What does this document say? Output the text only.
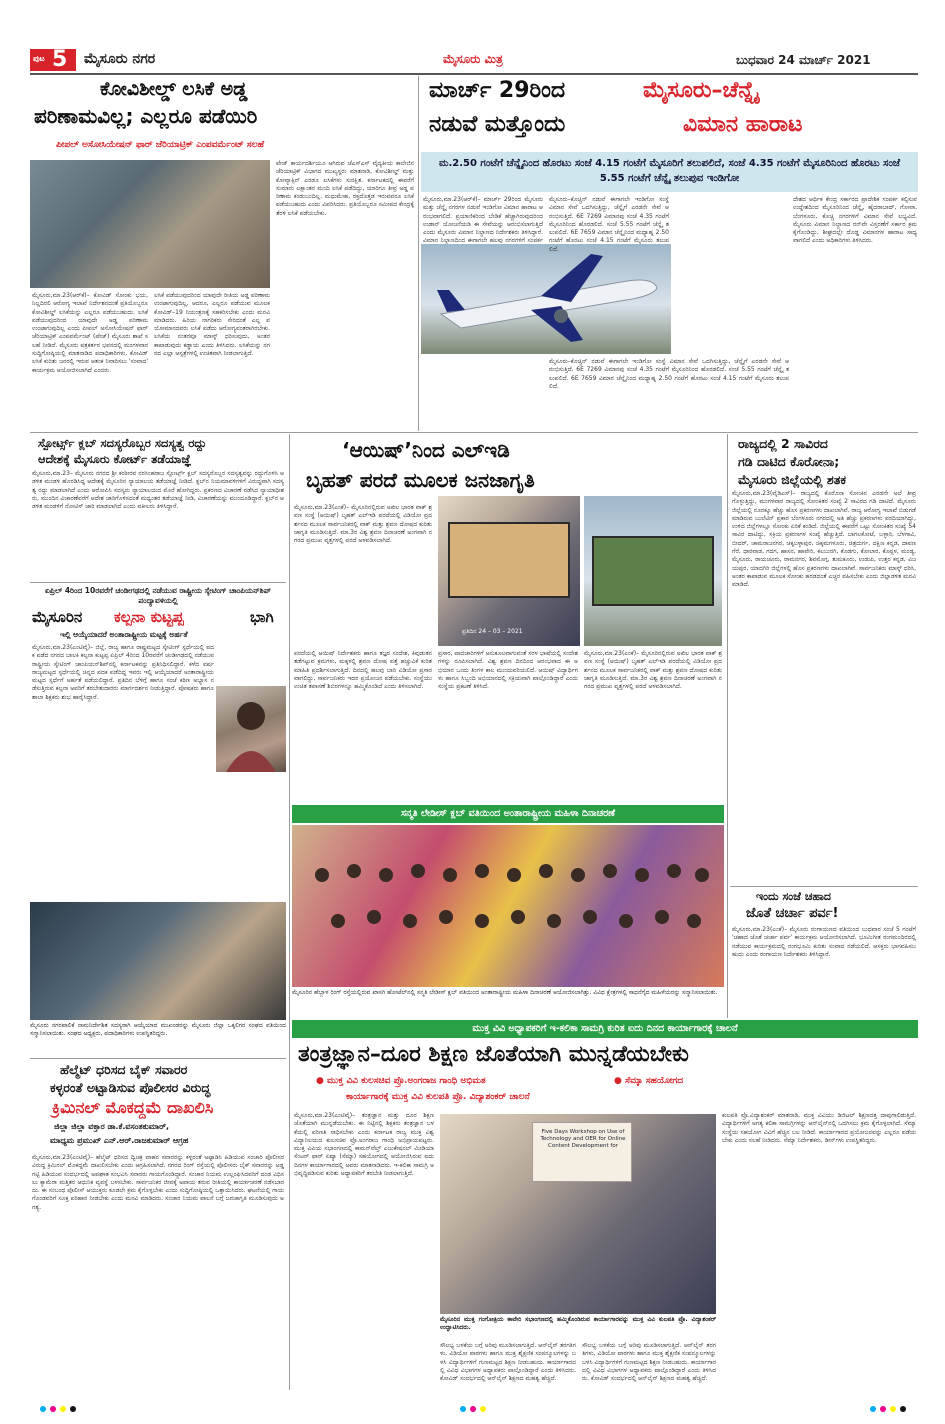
ಪುಟ 5 ಮೈಸೂರು ನಗರ	ಮೈಸೂರು ಮಿತ್ರ	ಬುಧವಾರ 24 ಮಾರ್ಚ್ 2021
ಕೋವಿಶೀಲ್ಡ್ ಲಸಿಕೆ ಅಡ್ಡ
ಪರಿಣಾಮವಿಲ್ಲ; ಎಲ್ಲರೂ ಪಡೆಯಿರಿ
ಪೀಪಲ್ ಅಸೋಸಿಯೇಷನ್ ಫಾರ್ ಜೆರಿಯಾಟ್ರಿಕ್ ಎಂಪವರ್ಮೆಂಟ್ ಸಲಹೆ
ಮೈಸೂರು,ಮಾ.23(ಆರ್‌ಕೆ)– ಕೋವಿಡ್ ಸೋಂಕು ಭಯ, ನಿಲ್ಲದಿರಲಿ ಆರೋಗ್ಯ ಇಲಾಖೆ ನಿರ್ದೇಶನದಂತೆ ಪ್ರತಿಯೊಬ್ಬರೂ ಕೋವಿಶೀಲ್ಡ್ ಲಸಿಕೆಯನ್ನು ಎಲ್ಲರೂ ಪಡೆಯಬಹುದು. ಲಸಿಕೆ ಪಡೆಯುವುದರಿಂದ ಯಾವುದೇ ಅಡ್ಡ ಪರಿಣಾಮ ಉಂಟಾಗುವುದಿಲ್ಲ ಎಂದು ಪೀಪಲ್ ಅಸೋಸಿಯೇಷನ್ ಫಾರ್ ಜೆರಿಯಾಟ್ರಿಕ್ ಎಂಪವರ್ಮೆಂಟ್ (ಪೇಜ್) ಮೈಸೂರು ಶಾಖೆ ಸಲಹೆ ನೀಡಿದೆ. ಮೈಸೂರು ಪತ್ರಕರ್ತರ ಭವನದಲ್ಲಿ ಮಂಗಳವಾರ ಸುದ್ದಿಗೋಷ್ಠಿಯಲ್ಲಿ ಮಾತನಾಡಿದ ಪದಾಧಿಕಾರಿಗಳು, ಕೋವಿಡ್ ಲಸಿಕೆ ಕುರಿತು ಜನರಲ್ಲಿ ಇರುವ ಆತಂಕ ನಿವಾರಿಸಲು 'ಸಂವಾದ' ಕಾರ್ಯಕ್ರಮ ಆಯೋಜಿಸಲಾಗಿದೆ ಎಂದರು.
ಲಸಿಕೆ ಪಡೆಯುವುದರಿಂದ ಯಾವುದೇ ರೀತಿಯ ಅಡ್ಡ ಪರಿಣಾಮ ಉಂಟಾಗುವುದಿಲ್ಲ. ಆದರೂ, ಎಲ್ಲರೂ ಪಡೆಯುವ ಮೂಲಕ ಕೋವಿಡ್–19 ನಿಯಂತ್ರಣಕ್ಕೆ ಸಹಕರಿಸಬೇಕು ಎಂದು ಮನವಿ ಮಾಡಿದರು. ಹಿರಿಯ ನಾಗರಿಕರು ಸೇರಿದಂತೆ ಎಲ್ಲ ವಯೋಮಾನದವರು ಲಸಿಕೆ ಪಡೆದು ಆರೋಗ್ಯವಂತರಾಗಿರಬೇಕು. ಲಸಿಕೆಯ ನಂತರವೂ ಮಾಸ್ಕ್ ಧರಿಸುವುದು, ಅಂತರ ಕಾಪಾಡುವುದು ಕಡ್ಡಾಯ ಎಂದು ತಿಳಿಸಿದರು. ಲಸಿಕೆಯನ್ನು ನಗರದ ಎಲ್ಲಾ ಆಸ್ಪತ್ರೆಗಳಲ್ಲಿ ಉಚಿತವಾಗಿ ನೀಡಲಾಗುತ್ತಿದೆ.
ಪೇಜ್ ಕಾರ್ಯದರ್ಶಿಯೂ ಆಗಿರುವ ಜೆಎಸ್‌ಎಸ್ ವೈದ್ಯಕೀಯ ಕಾಲೇಜಿನ ಜೆರಿಯಾಟ್ರಿಕ್ ವಿಭಾಗದ ಮುಖ್ಯಸ್ಥರು ಮಾತನಾಡಿ, ಕೋವಿಶೀಲ್ಡ್ ಮತ್ತು ಕೋವ್ಯಾಕ್ಸಿನ್ ಎರಡೂ ಲಸಿಕೆಗಳು ಸುರಕ್ಷಿತ. ಕರ್ನಾಟಕದಲ್ಲಿ ಈವರೆಗೆ ಸುಮಾರು ಲಕ್ಷಾಂತರ ಮಂದಿ ಲಸಿಕೆ ಪಡೆದಿದ್ದು, ಯಾರಿಗೂ ತೀವ್ರ ಅಡ್ಡ ಪರಿಣಾಮ ಕಂಡುಬಂದಿಲ್ಲ. ಮಧುಮೇಹ, ರಕ್ತದೊತ್ತಡ ಇರುವವರೂ ಲಸಿಕೆ ಪಡೆಯಬಹುದು ಎಂದು ವಿವರಿಸಿದರು. ಪ್ರತಿಯೊಬ್ಬರೂ ಸಮೀಪದ ಕೇಂದ್ರಕ್ಕೆ ತೆರಳಿ ಲಸಿಕೆ ಪಡೆಯಬೇಕು.
ಮಾರ್ಚ್ 29ರಿಂದ	ಮೈಸೂರು–ಚೆನ್ನೈ
ನಡುವೆ ಮತ್ತೊಂದು	ವಿಮಾನ ಹಾರಾಟ
ಮ.2.50 ಗಂಟೆಗೆ ಚೆನ್ನೈನಿಂದ ಹೊರಟು ಸಂಜೆ 4.15 ಗಂಟೆಗೆ ಮೈಸೂರಿಗೆ ತಲುಪಲಿದೆ, ಸಂಜೆ 4.35 ಗಂಟೆಗೆ ಮೈಸೂರಿನಿಂದ ಹೊರಟು ಸಂಜೆ 5.55 ಗಂಟೆಗೆ ಚೆನ್ನೈ ತಲುಪುವ ಇಂಡಿಗೋ
ಮೈಸೂರು,ಮಾ.23(ಆರ್‌ಕೆ)– ಮಾರ್ಚ್ 29ರಿಂದ ಮೈಸೂರು ಮತ್ತು ಚೆನ್ನೈ ನಗರಗಳ ನಡುವೆ ಇಂಡಿಗೋ ವಿಮಾನ ಹಾರಾಟ ಆರಂಭವಾಗಲಿದೆ. ಪ್ರಯಾಣಿಕರಿಂದ ಬೇಡಿಕೆ ಹೆಚ್ಚಾಗಿರುವುದರಿಂದ ಉಡಾನ್ ಯೋಜನೆಯಡಿ ಈ ಸೇವೆಯನ್ನು ಆರಂಭಿಸಲಾಗುತ್ತಿದೆ ಎಂದು ಮೈಸೂರು ವಿಮಾನ ನಿಲ್ದಾಣದ ನಿರ್ದೇಶಕರು ತಿಳಿಸಿದ್ದಾರೆ. ವಿಮಾನ ನಿಲ್ದಾಣದಿಂದ ಈಗಾಗಲೇ ಹಲವು ನಗರಗಳಿಗೆ ಸಂಪರ್ಕ
ಮೈಸೂರು–ಕೊಚ್ಚಿನ್ ನಡುವೆ ಈಗಾಗಲೇ ಇಂಡಿಗೋ ಸಂಸ್ಥೆ ವಿಮಾನ ಸೇವೆ ಒದಗಿಸುತ್ತಿದ್ದು, ಚೆನ್ನೈಗೆ ಎರಡನೇ ಸೇವೆ ಆರಂಭಿಸುತ್ತಿದೆ. 6E 7269 ವಿಮಾನವು ಸಂಜೆ 4.35 ಗಂಟೆಗೆ ಮೈಸೂರಿನಿಂದ ಹೊರಡಲಿದೆ. ಸಂಜೆ 5.55 ಗಂಟೆಗೆ ಚೆನ್ನೈ ತಲುಪಲಿದೆ. 6E 7659 ವಿಮಾನ ಚೆನ್ನೈನಿಂದ ಮಧ್ಯಾಹ್ನ 2.50 ಗಂಟೆಗೆ ಹೊರಟು ಸಂಜೆ 4.15 ಗಂಟೆಗೆ ಮೈಸೂರು ತಲುಪಲಿದೆ.
ಮೈಸೂರು–ಕೊಚ್ಚಿನ್ ನಡುವೆ ಈಗಾಗಲೇ ಇಂಡಿಗೋ ಸಂಸ್ಥೆ ವಿಮಾನ ಸೇವೆ ಒದಗಿಸುತ್ತಿದ್ದು, ಚೆನ್ನೈಗೆ ಎರಡನೇ ಸೇವೆ ಆರಂಭಿಸುತ್ತಿದೆ. 6E 7269 ವಿಮಾನವು ಸಂಜೆ 4.35 ಗಂಟೆಗೆ ಮೈಸೂರಿನಿಂದ ಹೊರಡಲಿದೆ. ಸಂಜೆ 5.55 ಗಂಟೆಗೆ ಚೆನ್ನೈ ತಲುಪಲಿದೆ. 6E 7659 ವಿಮಾನ ಚೆನ್ನೈನಿಂದ ಮಧ್ಯಾಹ್ನ 2.50 ಗಂಟೆಗೆ ಹೊರಟು ಸಂಜೆ 4.15 ಗಂಟೆಗೆ ಮೈಸೂರು ತಲುಪಲಿದೆ.
ದೇಶದ ಆರ್ಥಿಕ ಕೇಂದ್ರ ಸರ್ಕಾರದ ಪ್ರಾದೇಶಿಕ ಸಂಪರ್ಕ ಕಲ್ಪಿಸುವ ಉದ್ದೇಶದಿಂದ ಮೈಸೂರಿನಿಂದ ಚೆನ್ನೈ, ಹೈದರಾಬಾದ್, ಗೋವಾ, ಬೆಂಗಳೂರು, ಕೊಚ್ಚಿ ನಗರಗಳಿಗೆ ವಿಮಾನ ಸೇವೆ ಲಭ್ಯವಿದೆ. ಮೈಸೂರು ವಿಮಾನ ನಿಲ್ದಾಣದ ರನ್‌ವೇ ವಿಸ್ತರಣೆಗೆ ಸರ್ಕಾರ ಕ್ರಮ ಕೈಗೊಂಡಿದ್ದು, ಶೀಘ್ರದಲ್ಲೇ ದೊಡ್ಡ ವಿಮಾನಗಳ ಹಾರಾಟ ಸಾಧ್ಯವಾಗಲಿದೆ ಎಂದು ಅಧಿಕಾರಿಗಳು ತಿಳಿಸಿದರು.
ಸ್ಪೋರ್ಟ್ಸ್ ಕ್ಲಬ್ ಸದಸ್ಯರೊಬ್ಬರ ಸದಸ್ಯತ್ವ ರದ್ದು
ಆದೇಶಕ್ಕೆ ಮೈಸೂರು ಕೋರ್ಟ್ ತಡೆಯಾಜ್ಞೆ
ಮೈಸೂರು,ಮಾ.23– ಮೈಸೂರು ನಗರದ ಶ್ರೀ ಕಂಠೀರವ ನರಸಿಂಹರಾಜ ಸ್ಪೋರ್ಟ್ಸ್ ಕ್ಲಬ್ ಸದಸ್ಯರೊಬ್ಬರ ಸದಸ್ಯತ್ವವನ್ನು ರದ್ದುಗೊಳಿಸಿ ಆಡಳಿತ ಮಂಡಳಿ ಹೊರಡಿಸಿದ್ದ ಆದೇಶಕ್ಕೆ ಮೈಸೂರಿನ ನ್ಯಾಯಾಲಯ ತಡೆಯಾಜ್ಞೆ ನೀಡಿದೆ. ಕ್ಲಬ್‌ನ ನಿಯಮಾವಳಿಗಳಿಗೆ ವಿರುದ್ಧವಾಗಿ ಸದಸ್ಯತ್ವ ರದ್ದು ಮಾಡಲಾಗಿದೆ ಎಂದು ಆರೋಪಿಸಿ ಸದಸ್ಯರು ನ್ಯಾಯಾಲಯದ ಮೊರೆ ಹೋಗಿದ್ದರು. ಪ್ರಕರಣದ ವಿಚಾರಣೆ ನಡೆಸಿದ ನ್ಯಾಯಾಧೀಶರು, ಮುಂದಿನ ವಿಚಾರಣೆವರೆಗೆ ಆದೇಶ ಜಾರಿಗೊಳಿಸದಂತೆ ಮಧ್ಯಂತರ ತಡೆಯಾಜ್ಞೆ ನೀಡಿ, ವಿಚಾರಣೆಯನ್ನು ಮುಂದೂಡಿದ್ದಾರೆ. ಕ್ಲಬ್‌ನ ಆಡಳಿತ ಮಂಡಳಿಗೆ ನೋಟಿಸ್ ಜಾರಿ ಮಾಡಲಾಗಿದೆ ಎಂದು ವಕೀಲರು ತಿಳಿಸಿದ್ದಾರೆ.
ಏಪ್ರಿಲ್ 4ರಿಂದ 10ರವರೆಗೆ ಚಂಡೀಗಢದಲ್ಲಿ ನಡೆಯುವ ರಾಷ್ಟ್ರೀಯ ಸ್ಕೇಟಿಂಗ್ ಚಾಂಪಿಯನ್‌ಶಿಪ್ ಪಂದ್ಯಾವಳಿಯಲ್ಲಿ
ಮೈಸೂರಿನ ಕಲ್ಪನಾ ಕುಟ್ಟಪ್ಪ	ಭಾಗಿ
ಇಲ್ಲಿ ಆಯ್ಕೆಯಾದರೆ ಅಂತಾರಾಷ್ಟ್ರೀಯ ಮಟ್ಟಕ್ಕೆ ಅರ್ಹತೆ
ಮೈಸೂರು,ಮಾ.23(ಎಂಟಿವೈ)– ಜಿಲ್ಲೆ, ರಾಜ್ಯ ಹಾಗೂ ರಾಷ್ಟ್ರಮಟ್ಟದ ಸ್ಕೇಟಿಂಗ್ ಸ್ಪರ್ಧೆಯಲ್ಲಿ ಪದಕ ಪಡೆದ ನಗರದ ಬಾಲಕಿ ಕಲ್ಪನಾ ಕುಟ್ಟಪ್ಪ ಏಪ್ರಿಲ್ 4ರಿಂದ 10ರವರೆಗೆ ಚಂಡೀಗಢದಲ್ಲಿ ನಡೆಯುವ ರಾಷ್ಟ್ರೀಯ ಸ್ಕೇಟಿಂಗ್ ಚಾಂಪಿಯನ್‌ಶಿಪ್‌ನಲ್ಲಿ ಕರ್ನಾಟಕವನ್ನು ಪ್ರತಿನಿಧಿಸಲಿದ್ದಾರೆ. ಕಳೆದ ವರ್ಷ ರಾಜ್ಯಮಟ್ಟದ ಸ್ಪರ್ಧೆಯಲ್ಲಿ ಚಿನ್ನದ ಪದಕ ಪಡೆದಿದ್ದ ಇವರು ಇಲ್ಲಿ ಆಯ್ಕೆಯಾದರೆ ಅಂತಾರಾಷ್ಟ್ರೀಯ ಮಟ್ಟದ ಸ್ಪರ್ಧೆಗೆ ಅರ್ಹತೆ ಪಡೆಯಲಿದ್ದಾರೆ. ಪ್ರತಿದಿನ ಬೆಳಿಗ್ಗೆ ಹಾಗೂ ಸಂಜೆ ಕಠಿಣ ಅಭ್ಯಾಸ ನಡೆಸುತ್ತಿರುವ ಕಲ್ಪನಾ ಅವರಿಗೆ ತರಬೇತುದಾರರು ಮಾರ್ಗದರ್ಶನ ನೀಡುತ್ತಿದ್ದಾರೆ. ಪೋಷಕರು ಹಾಗೂ ಶಾಲಾ ಶಿಕ್ಷಕರು ಶುಭ ಹಾರೈಸಿದ್ದಾರೆ.
ಮೈಸೂರು ನಗರಪಾಲಿಕೆ ನಾಮನಿರ್ದೇಶಿತ ಸದಸ್ಯರಾಗಿ ಆಯ್ಕೆಯಾದ ಮುಖಂಡರನ್ನು ಮೈಸೂರು ಜಿಲ್ಲಾ ಒಕ್ಕಲಿಗರ ಸಂಘದ ವತಿಯಿಂದ ಸನ್ಮಾನಿಸಲಾಯಿತು. ಸಂಘದ ಅಧ್ಯಕ್ಷರು, ಪದಾಧಿಕಾರಿಗಳು ಉಪಸ್ಥಿತರಿದ್ದರು.
ಹೆಲ್ಮೆಟ್ ಧರಿಸದ ಬೈಕ್ ಸವಾರರ
ಕಳ್ಳರಂತೆ ಅಟ್ಟಾಡಿಸುವ ಪೊಲೀಸರ ವಿರುದ್ಧ
ಕ್ರಿಮಿನಲ್ ಮೊಕದ್ದಮೆ ದಾಖಲಿಸಿ
ಜಿಲ್ಲಾ ಜಿಲ್ಲಾ ವಕ್ತಾರ ಡಾ.ಕೆ.ವಸಂತಕುಮಾರ್,
ಮಾಧ್ಯಮ ಪ್ರಮುಖ್ ಎನ್.ಆರ್.ರಾಜಕುಮಾರ್ ಆಗ್ರಹ
ಮೈಸೂರು,ಮಾ.23(ಎಂಟಿವೈ)– ಹೆಲ್ಮೆಟ್ ಧರಿಸದ ದ್ವಿಚಕ್ರ ವಾಹನ ಸವಾರರನ್ನು ಕಳ್ಳರಂತೆ ಅಟ್ಟಾಡಿಸಿ ಹಿಡಿಯುವ ಸಂಚಾರಿ ಪೊಲೀಸರ ವಿರುದ್ಧ ಕ್ರಿಮಿನಲ್ ಮೊಕದ್ದಮೆ ದಾಖಲಿಸಬೇಕು ಎಂದು ಆಗ್ರಹಿಸಲಾಗಿದೆ. ನಗರದ ರಿಂಗ್ ರಸ್ತೆಯಲ್ಲಿ ಪೊಲೀಸರು ಬೈಕ್ ಸವಾರರನ್ನು ಅಡ್ಡಗಟ್ಟಿ ಹಿಡಿಯುವ ಸಂದರ್ಭದಲ್ಲಿ ಅಪಘಾತ ಸಂಭವಿಸಿ ಸವಾರರು ಗಾಯಗೊಂಡಿದ್ದಾರೆ. ಸಂಚಾರ ನಿಯಮ ಉಲ್ಲಂಘಿಸಿದವರಿಗೆ ದಂಡ ವಿಧಿಸಲು ಕ್ಯಾಮೆರಾ ಮತ್ತಿತರ ಆಧುನಿಕ ವ್ಯವಸ್ಥೆ ಬಳಸಬೇಕು. ಸಾರ್ವಜನಿಕರ ಜೀವಕ್ಕೆ ಅಪಾಯ ತರುವ ರೀತಿಯಲ್ಲಿ ಕಾರ್ಯಾಚರಣೆ ನಡೆಸಬಾರದು. ಈ ಸಂಬಂಧ ಪೊಲೀಸ್ ಆಯುಕ್ತರು ಕೂಡಲೇ ಕ್ರಮ ಕೈಗೊಳ್ಳಬೇಕು ಎಂದು ಸುದ್ದಿಗೋಷ್ಠಿಯಲ್ಲಿ ಒತ್ತಾಯಿಸಿದರು. ಘಟನೆಯಲ್ಲಿ ಗಾಯಗೊಂಡವರಿಗೆ ಸೂಕ್ತ ಪರಿಹಾರ ನೀಡಬೇಕು ಎಂದು ಮನವಿ ಮಾಡಿದರು. ಸಂಚಾರ ನಿಯಮ ಪಾಲನೆ ಬಗ್ಗೆ ಜನಜಾಗೃತಿ ಮೂಡಿಸುವುದು ಅಗತ್ಯ.
‘ಆಯಿಷ್’ನಿಂದ ಎಲ್‌ಇಡಿ
ಬೃಹತ್ ಪರದೆ ಮೂಲಕ ಜನಜಾಗೃತಿ
ಮೈಸೂರು,ಮಾ.23(ಎಂಕೆ)– ಮೈಸೂರಿನಲ್ಲಿರುವ ಅಖಿಲ ಭಾರತ ವಾಕ್ ಶ್ರವಣ ಸಂಸ್ಥೆ (ಆಯಿಷ್) ಬೃಹತ್ ಎಲ್‌ಇಡಿ ಪರದೆಯಲ್ಲಿ ವಿಡಿಯೋ ಪ್ರದರ್ಶನದ ಮೂಲಕ ಸಾರ್ವಜನಿಕರಲ್ಲಿ ವಾಕ್ ಮತ್ತು ಶ್ರವಣ ದೋಷದ ಕುರಿತು ಜಾಗೃತಿ ಮೂಡಿಸುತ್ತಿದೆ. ಮಾ.3ರ ವಿಶ್ವ ಶ್ರವಣ ದಿನಾಚರಣೆ ಅಂಗವಾಗಿ ನಗರದ ಪ್ರಮುಖ ವೃತ್ತಗಳಲ್ಲಿ ಪರದೆ ಅಳವಡಿಸಲಾಗಿದೆ.
ಪ್ರತಿದಿನ 24 – 03 – 2021
ಪರದೆಯಲ್ಲಿ ಆಯಿಷ್ ನಿರ್ದೇಶಕರು ಹಾಗೂ ತಜ್ಞರ ಸಂದೇಶ, ಕಿವುಡುತನ ತಡೆಗಟ್ಟುವ ಕ್ರಮಗಳು, ಮಕ್ಕಳಲ್ಲಿ ಶ್ರವಣ ದೋಷ ಪತ್ತೆ ಹಚ್ಚುವಿಕೆ ಕುರಿತ ಮಾಹಿತಿ ಪ್ರದರ್ಶಿಸಲಾಗುತ್ತಿದೆ. ದಿನದಲ್ಲಿ ಹಲವು ಬಾರಿ ವಿಡಿಯೋ ಪ್ರಸಾರವಾಗಲಿದ್ದು, ಸಾರ್ವಜನಿಕರು ಇದರ ಪ್ರಯೋಜನ ಪಡೆಯಬೇಕು. ಸಂಸ್ಥೆಯು ಉಚಿತ ತಪಾಸಣೆ ಶಿಬಿರಗಳನ್ನೂ ಹಮ್ಮಿಕೊಂಡಿದೆ ಎಂದು ತಿಳಿಸಲಾಗಿದೆ.
ಪ್ರಸಾರ, ಪಾದಚಾರಿಗಳಿಗೆ ಅನುಕೂಲವಾಗುವಂತೆ ಸರಳ ಭಾಷೆಯಲ್ಲಿ ಸಂದೇಶಗಳನ್ನು ರೂಪಿಸಲಾಗಿದೆ. ವಿಶ್ವ ಶ್ರವಣ ದಿನದಿಂದ ಆರಂಭವಾದ ಈ ಅಭಿಯಾನ ಒಂದು ತಿಂಗಳ ಕಾಲ ಮುಂದುವರಿಯಲಿದೆ. ಆಯಿಷ್ ವಿದ್ಯಾರ್ಥಿಗಳು ಹಾಗೂ ಸಿಬ್ಬಂದಿ ಅಭಿಯಾನದಲ್ಲಿ ಸಕ್ರಿಯವಾಗಿ ಪಾಲ್ಗೊಂಡಿದ್ದಾರೆ ಎಂದು ಸಂಸ್ಥೆಯ ಪ್ರಕಟಣೆ ತಿಳಿಸಿದೆ.
ಮೈಸೂರು,ಮಾ.23(ಎಂಕೆ)– ಮೈಸೂರಿನಲ್ಲಿರುವ ಅಖಿಲ ಭಾರತ ವಾಕ್ ಶ್ರವಣ ಸಂಸ್ಥೆ (ಆಯಿಷ್) ಬೃಹತ್ ಎಲ್‌ಇಡಿ ಪರದೆಯಲ್ಲಿ ವಿಡಿಯೋ ಪ್ರದರ್ಶನದ ಮೂಲಕ ಸಾರ್ವಜನಿಕರಲ್ಲಿ ವಾಕ್ ಮತ್ತು ಶ್ರವಣ ದೋಷದ ಕುರಿತು ಜಾಗೃತಿ ಮೂಡಿಸುತ್ತಿದೆ. ಮಾ.3ರ ವಿಶ್ವ ಶ್ರವಣ ದಿನಾಚರಣೆ ಅಂಗವಾಗಿ ನಗರದ ಪ್ರಮುಖ ವೃತ್ತಗಳಲ್ಲಿ ಪರದೆ ಅಳವಡಿಸಲಾಗಿದೆ.
ಸನ್ಮತಿ ಲೇಡೀಸ್ ಕ್ಲಬ್ ವತಿಯಿಂದ ಅಂತಾರಾಷ್ಟ್ರೀಯ ಮಹಿಳಾ ದಿನಾಚರಣೆ
ಮೈಸೂರಿನ ಹೆಬ್ಬಾಳ ರಿಂಗ್ ರಸ್ತೆಯಲ್ಲಿರುವ ಖಾಸಗಿ ಹೋಟೆಲ್‌ನಲ್ಲಿ ಸನ್ಮತಿ ಲೇಡೀಸ್ ಕ್ಲಬ್ ವತಿಯಿಂದ ಅಂತಾರಾಷ್ಟ್ರೀಯ ಮಹಿಳಾ ದಿನಾಚರಣೆ ಆಯೋಜಿಸಲಾಗಿತ್ತು. ವಿವಿಧ ಕ್ಷೇತ್ರಗಳಲ್ಲಿ ಸಾಧನೆಗೈದ ಮಹಿಳೆಯರನ್ನು ಸನ್ಮಾನಿಸಲಾಯಿತು.
ರಾಜ್ಯದಲ್ಲಿ 2 ಸಾವಿರದ
ಗಡಿ ದಾಟಿದ ಕೊರೋನಾ;
ಮೈಸೂರು ಜಿಲ್ಲೆಯಲ್ಲಿ ಶತಕ
ಮೈಸೂರು,ಮಾ.23(ವೈಡಿಎಸ್)– ರಾಜ್ಯದಲ್ಲಿ ಕೊರೊನಾ ಸೋಂಕಿನ ಎರಡನೇ ಅಲೆ ತೀವ್ರಗೊಳ್ಳುತ್ತಿದ್ದು, ಮಂಗಳವಾರ ರಾಜ್ಯದಲ್ಲಿ ಸೋಂಕಿತರ ಸಂಖ್ಯೆ 2 ಸಾವಿರದ ಗಡಿ ದಾಟಿದೆ. ಮೈಸೂರು ಜಿಲ್ಲೆಯಲ್ಲಿ ನೂರಕ್ಕೂ ಹೆಚ್ಚು ಹೊಸ ಪ್ರಕರಣಗಳು ದಾಖಲಾಗಿವೆ. ರಾಜ್ಯ ಆರೋಗ್ಯ ಇಲಾಖೆ ಬಿಡುಗಡೆ ಮಾಡಿರುವ ಬುಲೆಟಿನ್ ಪ್ರಕಾರ ಬೆಂಗಳೂರು ನಗರದಲ್ಲಿ ಅತಿ ಹೆಚ್ಚು ಪ್ರಕರಣಗಳು ವರದಿಯಾಗಿದ್ದು, ಉಳಿದ ಜಿಲ್ಲೆಗಳಲ್ಲೂ ಸೋಂಕು ಏರಿಕೆ ಕಂಡಿದೆ. ಜಿಲ್ಲೆಯಲ್ಲಿ ಈವರೆಗೆ ಒಟ್ಟು ಸೋಂಕಿತರ ಸಂಖ್ಯೆ 54 ಸಾವಿರ ದಾಟಿದ್ದು, ಸಕ್ರಿಯ ಪ್ರಕರಣಗಳ ಸಂಖ್ಯೆ ಹೆಚ್ಚುತ್ತಿದೆ. ಬಾಗಲಕೋಟೆ, ಬಳ್ಳಾರಿ, ಬೆಳಗಾವಿ, ಬೀದರ್, ಚಾಮರಾಜನಗರ, ಚಿಕ್ಕಬಳ್ಳಾಪುರ, ಚಿಕ್ಕಮಗಳೂರು, ಚಿತ್ರದುರ್ಗ, ದಕ್ಷಿಣ ಕನ್ನಡ, ದಾವಣಗೆರೆ, ಧಾರವಾಡ, ಗದಗ, ಹಾಸನ, ಹಾವೇರಿ, ಕಲಬುರಗಿ, ಕೊಡಗು, ಕೋಲಾರ, ಕೊಪ್ಪಳ, ಮಂಡ್ಯ, ಮೈಸೂರು, ರಾಯಚೂರು, ರಾಮನಗರ, ಶಿವಮೊಗ್ಗ, ತುಮಕೂರು, ಉಡುಪಿ, ಉತ್ತರ ಕನ್ನಡ, ವಿಜಯಪುರ, ಯಾದಗಿರಿ ಜಿಲ್ಲೆಗಳಲ್ಲಿ ಹೊಸ ಪ್ರಕರಣಗಳು ದಾಖಲಾಗಿವೆ. ಸಾರ್ವಜನಿಕರು ಮಾಸ್ಕ್ ಧರಿಸಿ, ಅಂತರ ಕಾಪಾಡುವ ಮೂಲಕ ಸೋಂಕು ಹರಡದಂತೆ ಎಚ್ಚರ ವಹಿಸಬೇಕು ಎಂದು ಜಿಲ್ಲಾಡಳಿತ ಮನವಿ ಮಾಡಿದೆ.
ಇಂದು ಸಂಜೆ ಚಹಾದ
ಜೊತೆ ಚರ್ಚಾ ಪರ್ವ!
ಮೈಸೂರು,ಮಾ.23(ಎಂಕೆ)– ಮೈಸೂರು ರಂಗಾಯಣದ ವತಿಯಿಂದ ಬುಧವಾರ ಸಂಜೆ 5 ಗಂಟೆಗೆ 'ಚಹಾದ ಜೊತೆ ಚರ್ಚಾ ಪರ್ವ' ಕಾರ್ಯಕ್ರಮ ಆಯೋಜಿಸಲಾಗಿದೆ. ಭೂಮಿಗೀತ ರಂಗಮಂದಿರದಲ್ಲಿ ನಡೆಯುವ ಕಾರ್ಯಕ್ರಮದಲ್ಲಿ ರಂಗಭೂಮಿ ಕುರಿತು ಸಂವಾದ ನಡೆಯಲಿದೆ. ಆಸಕ್ತರು ಭಾಗವಹಿಸಬಹುದು ಎಂದು ರಂಗಾಯಣ ನಿರ್ದೇಶಕರು ತಿಳಿಸಿದ್ದಾರೆ.
ಮುಕ್ತ ವಿವಿ ಅಧ್ಯಾಪಕರಿಗೆ ಇ-ಕಲಿಕಾ ಸಾಮಗ್ರಿ ಕುರಿತ ಐದು ದಿನದ ಕಾರ್ಯಾಗಾರಕ್ಕೆ ಚಾಲನೆ
ತಂತ್ರಜ್ಞಾನ–ದೂರ ಶಿಕ್ಷಣ ಜೊತೆಯಾಗಿ ಮುನ್ನಡೆಯಬೇಕು
● ಮುಕ್ತ ವಿವಿ ಕುಲಸಚಿವ ಪ್ರೊ.ಅಂಗರಾಜ ಗಾಂಧಿ ಅಭಿಮತ	● ಸೆಮ್ಕಾ ಸಹಯೋಗದ
ಕಾರ್ಯಾಗಾರಕ್ಕೆ ಮುಕ್ತ ವಿವಿ ಕುಲಪತಿ ಪ್ರೊ. ವಿದ್ಯಾಶಂಕರ್ ಚಾಲನೆ
ಮೈಸೂರು,ಮಾ.23(ಎಂಟಿವೈ)– ತಂತ್ರಜ್ಞಾನ ಮತ್ತು ದೂರ ಶಿಕ್ಷಣ ಜೊತೆಯಾಗಿ ಮುನ್ನಡೆಯಬೇಕು. ಈ ನಿಟ್ಟಿನಲ್ಲಿ ಶಿಕ್ಷಕರು ತಂತ್ರಜ್ಞಾನ ಬಳಕೆಯಲ್ಲಿ ಪರಿಣತಿ ಸಾಧಿಸಬೇಕು ಎಂದು ಕರ್ನಾಟಕ ರಾಜ್ಯ ಮುಕ್ತ ವಿಶ್ವವಿದ್ಯಾನಿಲಯದ ಕುಲಸಚಿವ ಪ್ರೊ.ಅಂಗರಾಜ ಗಾಂಧಿ ಅಭಿಪ್ರಾಯಪಟ್ಟರು. ಮುಕ್ತ ವಿವಿಯ ಸಭಾಂಗಣದಲ್ಲಿ ಕಾಮನ್‌ವೆಲ್ತ್ ಎಜುಕೇಷನಲ್ ಮೀಡಿಯಾ ಸೆಂಟರ್ ಫಾರ್ ಏಷ್ಯಾ (ಸೆಮ್ಕಾ) ಸಹಯೋಗದಲ್ಲಿ ಆಯೋಜಿಸಿರುವ ಐದು ದಿನಗಳ ಕಾರ್ಯಾಗಾರದಲ್ಲಿ ಅವರು ಮಾತನಾಡಿದರು. ಇ-ಕಲಿಕಾ ಸಾಮಗ್ರಿ ಅಭಿವೃದ್ಧಿಪಡಿಸುವ ಕುರಿತು ಅಧ್ಯಾಪಕರಿಗೆ ತರಬೇತಿ ನೀಡಲಾಗುತ್ತಿದೆ.
Five Days Workshop on Use of Technology and OER for Online Content Development for
ಮೈಸೂರಿನ ಮುಕ್ತ ಗಂಗೋತ್ರಿಯ ಕಾವೇರಿ ಸಭಾಂಗಣದಲ್ಲಿ ಹಮ್ಮಿಕೊಂಡಿರುವ ಕಾರ್ಯಾಗಾರವನ್ನು ಮುಕ್ತ ವಿವಿ ಕುಲಪತಿ ಪ್ರೊ. ವಿದ್ಯಾಶಂಕರ್ ಉದ್ಘಾಟಿಸಿದರು.
ಸೌಲಭ್ಯ ಬಳಕೆಯ ಬಗ್ಗೆ ಅರಿವು ಮೂಡಿಸಲಾಗುತ್ತಿದೆ. ಆನ್‌ಲೈನ್ ತರಗತಿಗಳು, ವಿಡಿಯೋ ಪಾಠಗಳು ಹಾಗೂ ಮುಕ್ತ ಶೈಕ್ಷಣಿಕ ಸಂಪನ್ಮೂಲಗಳನ್ನು ಬಳಸಿ ವಿದ್ಯಾರ್ಥಿಗಳಿಗೆ ಗುಣಮಟ್ಟದ ಶಿಕ್ಷಣ ನೀಡಬಹುದು. ಕಾರ್ಯಾಗಾರದಲ್ಲಿ ವಿವಿಧ ವಿಭಾಗಗಳ ಅಧ್ಯಾಪಕರು ಪಾಲ್ಗೊಂಡಿದ್ದಾರೆ ಎಂದು ತಿಳಿಸಿದರು. ಕೋವಿಡ್ ಸಂದರ್ಭದಲ್ಲಿ ಆನ್‌ಲೈನ್ ಶಿಕ್ಷಣದ ಮಹತ್ವ ಹೆಚ್ಚಿದೆ.
ಸೌಲಭ್ಯ ಬಳಕೆಯ ಬಗ್ಗೆ ಅರಿವು ಮೂಡಿಸಲಾಗುತ್ತಿದೆ. ಆನ್‌ಲೈನ್ ತರಗತಿಗಳು, ವಿಡಿಯೋ ಪಾಠಗಳು ಹಾಗೂ ಮುಕ್ತ ಶೈಕ್ಷಣಿಕ ಸಂಪನ್ಮೂಲಗಳನ್ನು ಬಳಸಿ ವಿದ್ಯಾರ್ಥಿಗಳಿಗೆ ಗುಣಮಟ್ಟದ ಶಿಕ್ಷಣ ನೀಡಬಹುದು. ಕಾರ್ಯಾಗಾರದಲ್ಲಿ ವಿವಿಧ ವಿಭಾಗಗಳ ಅಧ್ಯಾಪಕರು ಪಾಲ್ಗೊಂಡಿದ್ದಾರೆ ಎಂದು ತಿಳಿಸಿದರು. ಕೋವಿಡ್ ಸಂದರ್ಭದಲ್ಲಿ ಆನ್‌ಲೈನ್ ಶಿಕ್ಷಣದ ಮಹತ್ವ ಹೆಚ್ಚಿದೆ.
ಕುಲಪತಿ ಪ್ರೊ.ವಿದ್ಯಾಶಂಕರ್ ಮಾತನಾಡಿ, ಮುಕ್ತ ವಿವಿಯು ಡಿಜಿಟಲ್ ಶಿಕ್ಷಣದತ್ತ ದಾಪುಗಾಲಿಡುತ್ತಿದೆ. ವಿದ್ಯಾರ್ಥಿಗಳಿಗೆ ಅಗತ್ಯ ಕಲಿಕಾ ಸಾಮಗ್ರಿಗಳನ್ನು ಆನ್‌ಲೈನ್‌ನಲ್ಲಿ ಒದಗಿಸಲು ಕ್ರಮ ಕೈಗೊಳ್ಳಲಾಗಿದೆ. ಸೆಮ್ಕಾ ಸಂಸ್ಥೆಯ ಸಹಯೋಗ ವಿವಿಗೆ ಹೆಚ್ಚಿನ ಬಲ ನೀಡಿದೆ. ಕಾರ್ಯಾಗಾರದ ಪ್ರಯೋಜನವನ್ನು ಎಲ್ಲರೂ ಪಡೆಯಬೇಕು ಎಂದು ಸಲಹೆ ನೀಡಿದರು. ಸೆಮ್ಕಾ ನಿರ್ದೇಶಕರು, ಡೀನ್‌ಗಳು ಉಪಸ್ಥಿತರಿದ್ದರು.
